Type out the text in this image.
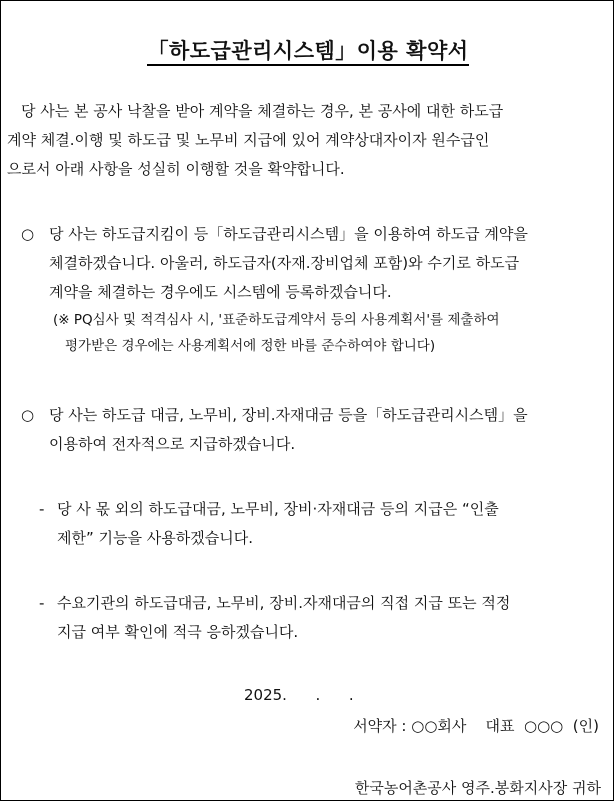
「하도급관리시스템」이용 확약서

당 사는 본 공사 낙찰을 받아 계약을 체결하는 경우, 본 공사에 대한 하도급

계약 체결.이행 및 하도급 및 노무비 지급에 있어 계약상대자이자 원수급인

으로서 아래 사항을 성실히 이행할 것을 확약합니다.

○ 당 사는 하도급지킴이 등「하도급관리시스템」을 이용하여 하도급 계약을
체결하겠습니다. 아울러, 하도급자(자재.장비업체 포함)와 수기로 하도급
계약을 체결하는 경우에도 시스템에 등록하겠습니다.
(※ PQ심사 및 적격심사 시, '표준하도급계약서 등의 사용계획서'를 제출하여
평가받은 경우에는 사용계획서에 정한 바를 준수하여야 합니다)
○ 당 사는 하도급 대금, 노무비, 장비.자재대금 등을「하도급관리시스템」을
이용하여 전자적으로 지급하겠습니다.
- 당 사 몫 외의 하도급대금, 노무비, 장비·자재대금 등의 지급은 “인출
제한” 기능을 사용하겠습니다.
- 수요기관의 하도급대금, 노무비, 장비.자재대금의 직접 지급 또는 적정
지급 여부 확인에 적극 응하겠습니다.
2025.      .      .
서약자 : ○○회사    대표  ○○○  (인)
한국농어촌공사 영주.봉화지사장 귀하
